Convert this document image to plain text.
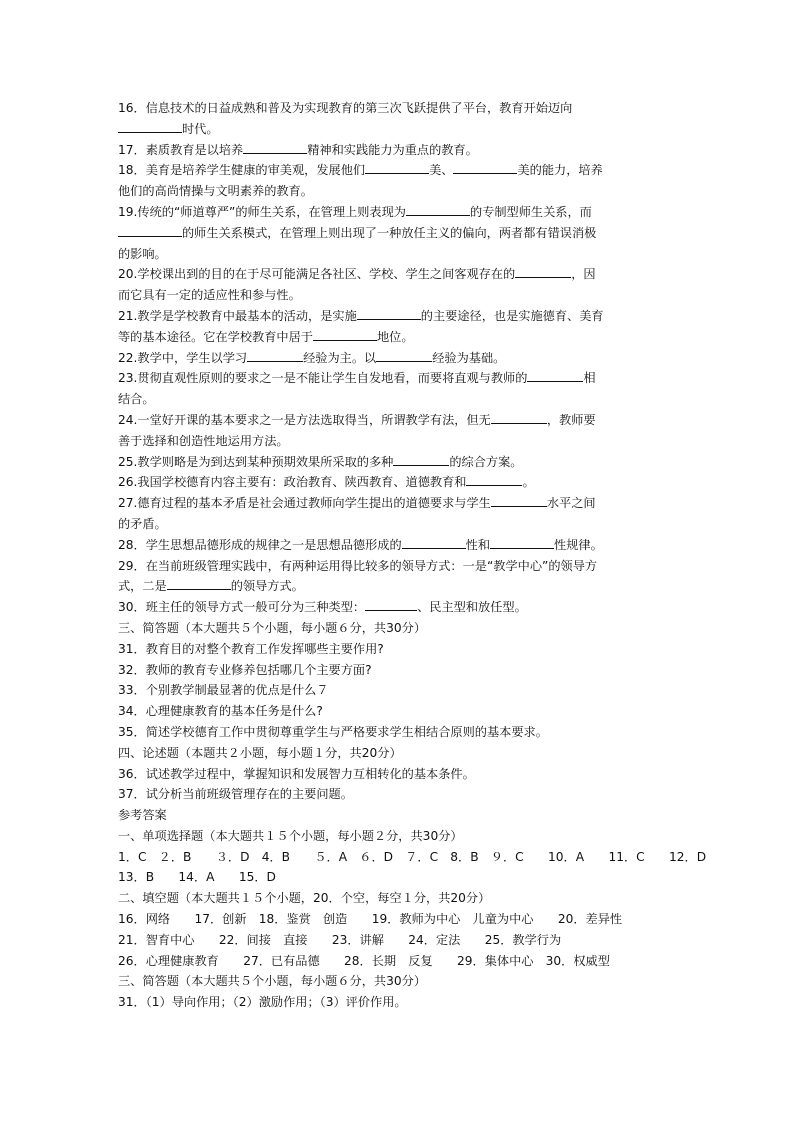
16．信息技术的日益成熟和普及为实现教育的第三次飞跃提供了平台，教育开始迈向
时代。
17．素质教育是以培养	精神和实践能力为重点的教育。
18．美育是培养学生健康的审美观，发展他们	美、	美的能力，培养
他们的高尚情操与文明素养的教育。
19.传统的“师道尊严”的师生关系，在管理上则表现为	的专制型师生关系，而
的师生关系模式，在管理上则出现了一种放任主义的偏向，两者都有错误消极
的影响。
20.学校课出到的目的在于尽可能满足各社区、学校、学生之间客观存在的	，因
而它具有一定的适应性和参与性。
21.教学是学校教育中最基本的活动，是实施	的主要途径，也是实施德育、美育
等的基本途径。它在学校教育中居于	地位。
22.教学中，学生以学习	经验为主。以	经验为基础。
23.贯彻直观性原则的要求之一是不能让学生自发地看，而要将直观与教师的	相
结合。
24.一堂好开课的基本要求之一是方法选取得当，所谓教学有法，但无	，教师要
善于选择和创造性地运用方法。
25.教学则略是为到达到某种预期效果所采取的多种	的综合方案。
26.我国学校德育内容主要有：政治教育、陕西教育、道德教育和	。
27.德育过程的基本矛盾是社会通过教师向学生提出的道德要求与学生	水平之间
的矛盾。
28．学生思想品德形成的规律之一是思想品德形成的	性和	性规律。
29．在当前班级管理实践中，有两种运用得比较多的领导方式：一是“教学中心”的领导方
式，二是	的领导方式。
30．班主任的领导方式一般可分为三种类型：	、民主型和放任型。
三、简答题（本大题共５个小题，每小题６分，共30分）
31．教育目的对整个教育工作发挥哪些主要作用?
32．教师的教育专业修养包括哪几个主要方面?
33．个别教学制最显著的优点是什么７
34．心理健康教育的基本任务是什么?
35．简述学校德育工作中贯彻尊重学生与严格要求学生相结合原则的基本要求。
四、论述题（本题共２小题，每小题１分，共20分）
36．试述教学过程中，掌握知识和发展智力互相转化的基本条件。
37．试分析当前班级管理存在的主要问题。
参考答案
一、单项选择题（本大题共１５个小题，每小题２分，共30分）
1．C　２．B　　３．D　4．B　　５．A　６．D　７．C　8．B　９．C　　10．A　　11．C　　12．D
13．B　　14．A　　15．D
二、填空题（本大题共１５个小题，20．个空，每空１分，共20分）
16．网络　　17．创新　18．鉴赏　创造　　19．教师为中心　儿童为中心　　20．差异性
21．智育中心　　22．间接　直接　　23．讲解　　24．定法　　25．教学行为
26．心理健康教育　　27．已有品德　　28．长期　反复　　29．集体中心　30．权威型
三、简答题（本大题共５个小题，每小题６分，共30分）
31．（1）导向作用；（2）激励作用；（3）评价作用。
